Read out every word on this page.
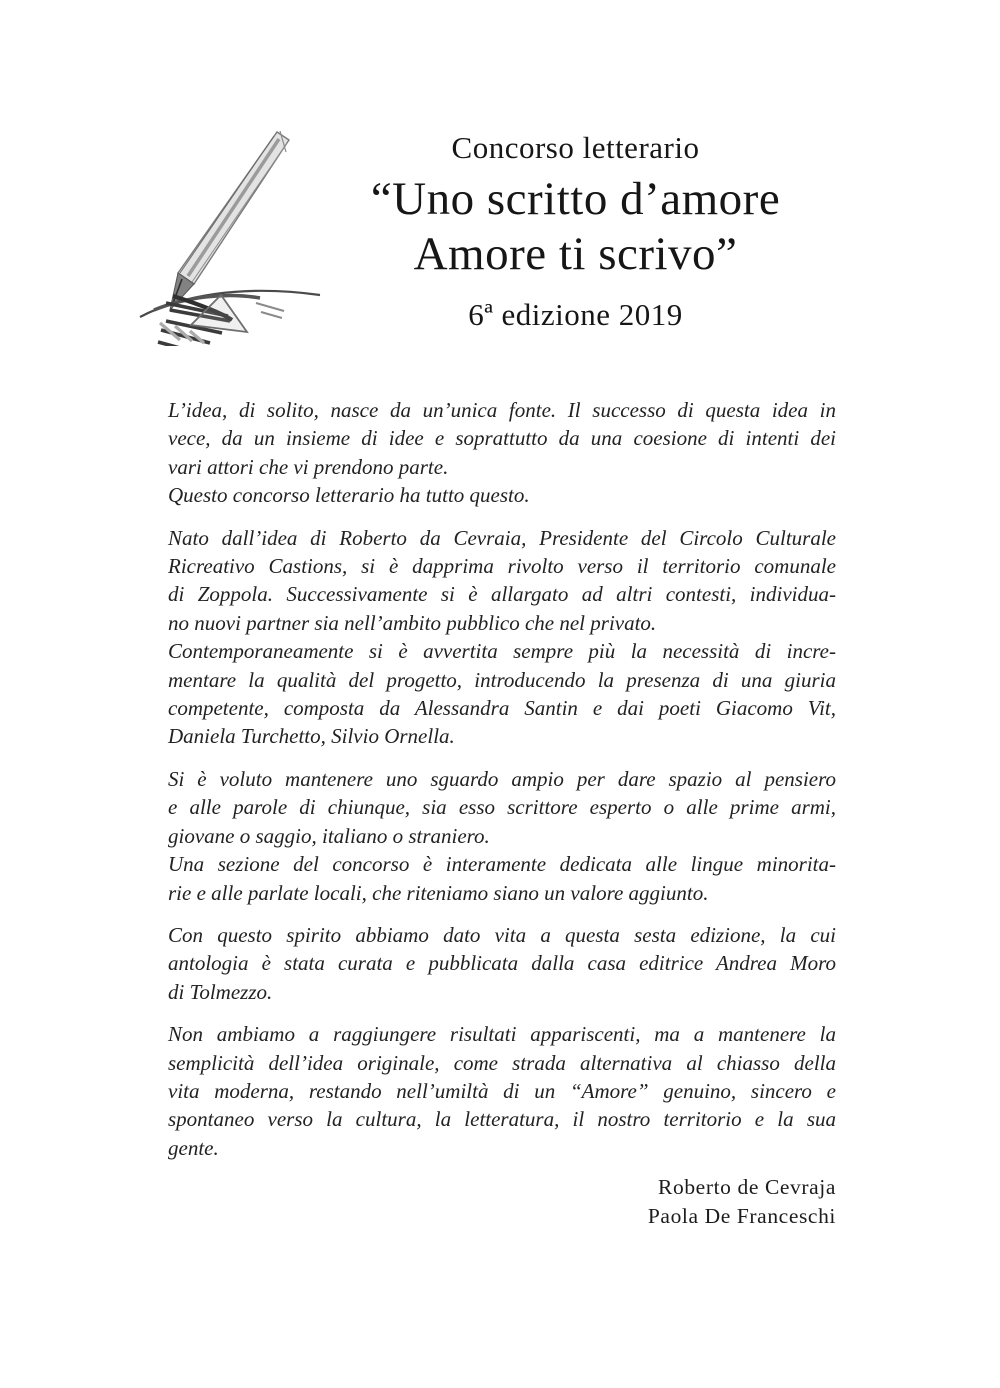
Concorso letterario
“Uno scritto d’amore
Amore ti scrivo”
6ª edizione 2019
L’idea, di solito, nasce da un’unica fonte. Il successo di questa idea in
vece, da un insieme di idee e soprattutto da una coesione di intenti dei
vari attori che vi prendono parte.
Questo concorso letterario ha tutto questo.
Nato dall’idea di Roberto da Cevraia, Presidente del Circolo Culturale
Ricreativo Castions, si è dapprima rivolto verso il territorio comunale
di Zoppola. Successivamente si è allargato ad altri contesti, individua-
no nuovi partner sia nell’ambito pubblico che nel privato.
Contemporaneamente si è avvertita sempre più la necessità di incre-
mentare la qualità del progetto, introducendo la presenza di una giuria
competente, composta da Alessandra Santin e dai poeti Giacomo Vit,
Daniela Turchetto, Silvio Ornella.
Si è voluto mantenere uno sguardo ampio per dare spazio al pensiero
e alle parole di chiunque, sia esso scrittore esperto o alle prime armi,
giovane o saggio, italiano o straniero.
Una sezione del concorso è interamente dedicata alle lingue minorita-
rie e alle parlate locali, che riteniamo siano un valore aggiunto.
Con questo spirito abbiamo dato vita a questa sesta edizione, la cui
antologia è stata curata e pubblicata dalla casa editrice Andrea Moro
di Tolmezzo.
Non ambiamo a raggiungere risultati appariscenti, ma a mantenere la
semplicità dell’idea originale, come strada alternativa al chiasso della
vita moderna, restando nell’umiltà di un “Amore” genuino, sincero e
spontaneo verso la cultura, la letteratura, il nostro territorio e la sua
gente.
Roberto de Cevraja
Paola De Franceschi
